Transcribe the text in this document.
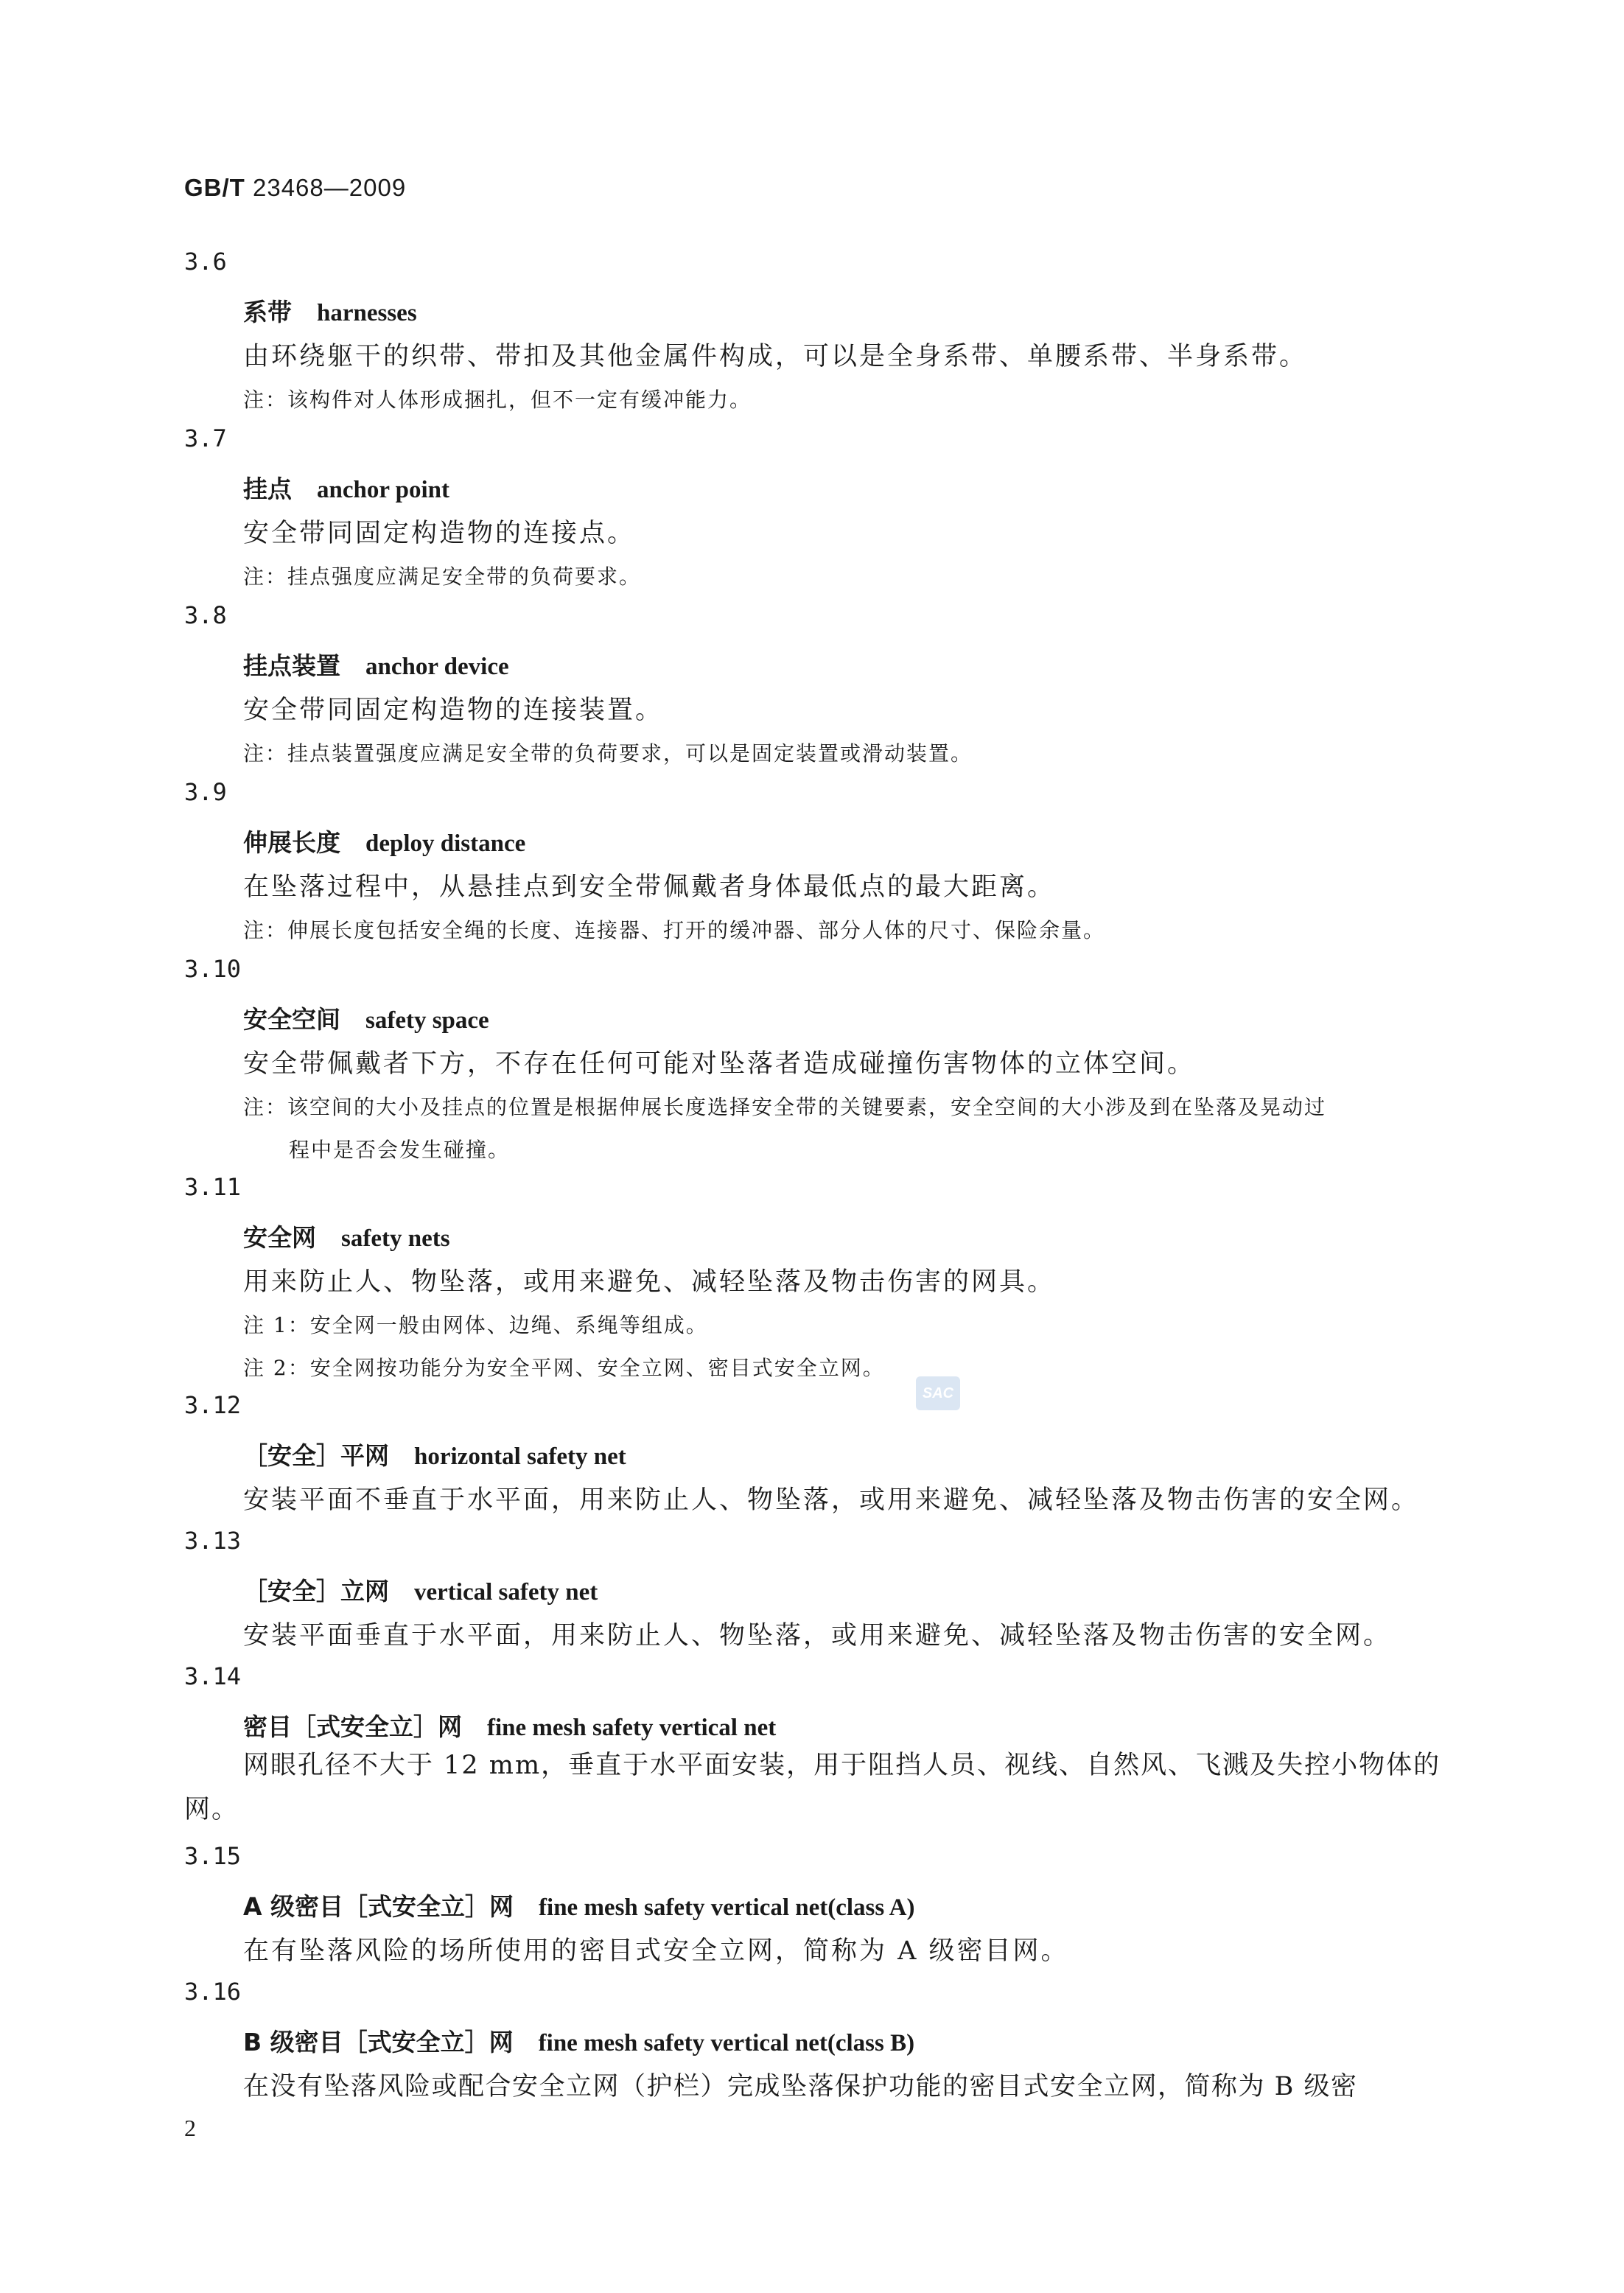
GB/T 23468—2009
3.6
系带 harnesses
由环绕躯干的织带、带扣及其他金属件构成，可以是全身系带、单腰系带、半身系带。
注：该构件对人体形成捆扎，但不一定有缓冲能力。
3.7
挂点 anchor point
安全带同固定构造物的连接点。
注：挂点强度应满足安全带的负荷要求。
3.8
挂点装置 anchor device
安全带同固定构造物的连接装置。
注：挂点装置强度应满足安全带的负荷要求，可以是固定装置或滑动装置。
3.9
伸展长度 deploy distance
在坠落过程中，从悬挂点到安全带佩戴者身体最低点的最大距离。
注：伸展长度包括安全绳的长度、连接器、打开的缓冲器、部分人体的尺寸、保险余量。
3.10
安全空间 safety space
安全带佩戴者下方，不存在任何可能对坠落者造成碰撞伤害物体的立体空间。
注：该空间的大小及挂点的位置是根据伸展长度选择安全带的关键要素，安全空间的大小涉及到在坠落及晃动过
程中是否会发生碰撞。
3.11
安全网 safety nets
用来防止人、物坠落，或用来避免、减轻坠落及物击伤害的网具。
注 1：安全网一般由网体、边绳、系绳等组成。
注 2：安全网按功能分为安全平网、安全立网、密目式安全立网。
SAC
3.12
［安全］平网 horizontal safety net
安装平面不垂直于水平面，用来防止人、物坠落，或用来避免、减轻坠落及物击伤害的安全网。
3.13
［安全］立网 vertical safety net
安装平面垂直于水平面，用来防止人、物坠落，或用来避免、减轻坠落及物击伤害的安全网。
3.14
密目［式安全立］网 fine mesh safety vertical net
网眼孔径不大于 12 mm，垂直于水平面安装，用于阻挡人员、视线、自然风、飞溅及失控小物体的网。
3.15
A 级密目［式安全立］网 fine mesh safety vertical net(class A)
在有坠落风险的场所使用的密目式安全立网，简称为 A 级密目网。
3.16
B 级密目［式安全立］网 fine mesh safety vertical net(class B)
在没有坠落风险或配合安全立网（护栏）完成坠落保护功能的密目式安全立网，简称为 B 级密
2
